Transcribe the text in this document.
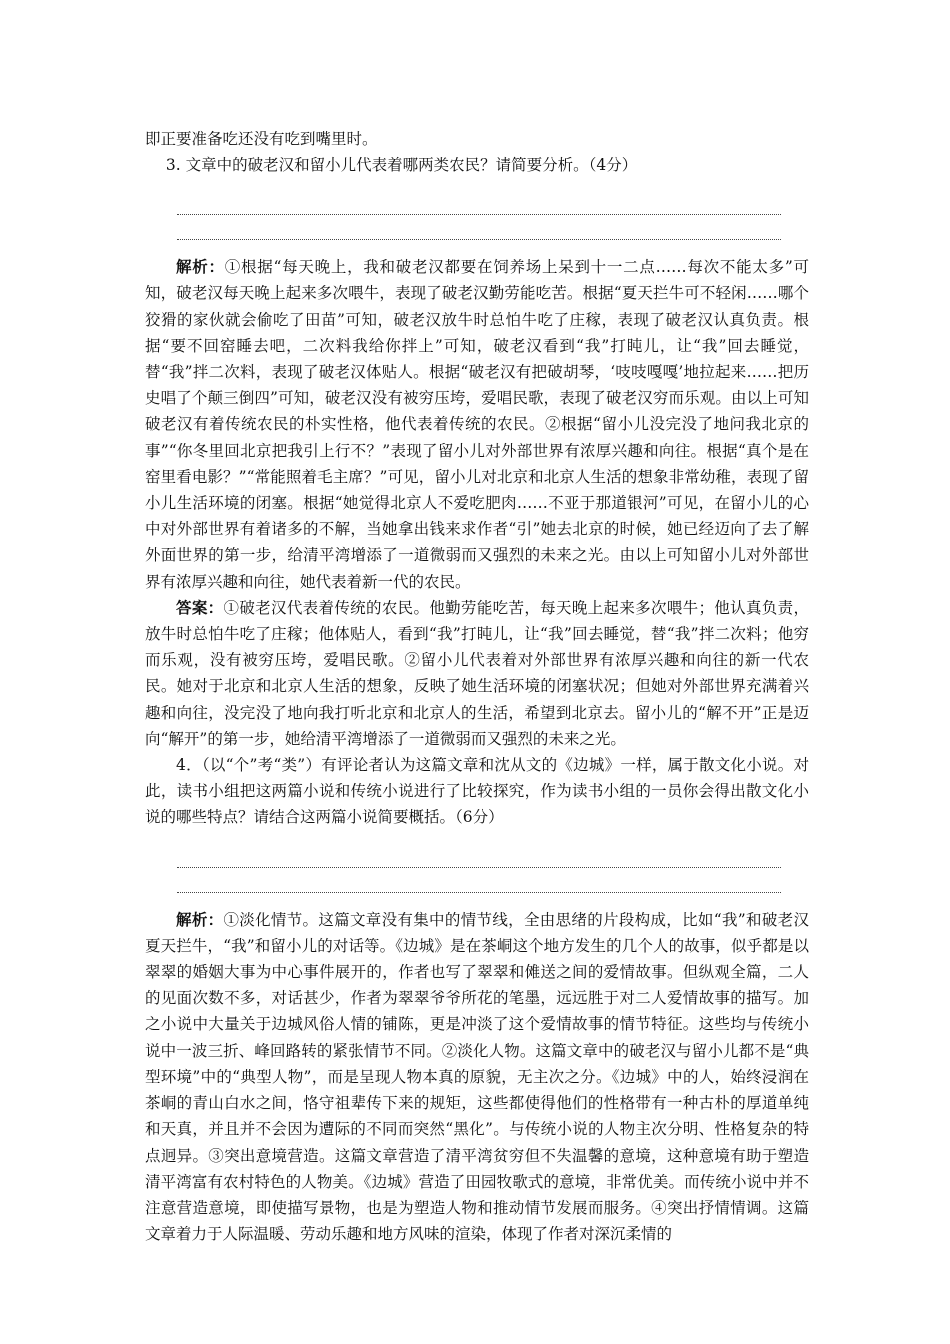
即正要准备吃还没有吃到嘴里时。

3. 文章中的破老汉和留小儿代表着哪两类农民？请简要分析。（4分）

解析：①根据“每天晚上，我和破老汉都要在饲养场上呆到十一二点……每次不能太多”可知，破老汉每天晚上起来多次喂牛，表现了破老汉勤劳能吃苦。根据“夏天拦牛可不轻闲……哪个狡猾的家伙就会偷吃了田苗”可知，破老汉放牛时总怕牛吃了庄稼，表现了破老汉认真负责。根据“要不回窑睡去吧，二次料我给你拌上”可知，破老汉看到“我”打盹儿，让“我”回去睡觉，替“我”拌二次料，表现了破老汉体贴人。根据“破老汉有把破胡琴，‘吱吱嘎嘎’地拉起来……把历史唱了个颠三倒四”可知，破老汉没有被穷压垮，爱唱民歌，表现了破老汉穷而乐观。由以上可知破老汉有着传统农民的朴实性格，他代表着传统的农民。②根据“留小儿没完没了地问我北京的事”“你冬里回北京把我引上行不？”表现了留小儿对外部世界有浓厚兴趣和向往。根据“真个是在窑里看电影？”“常能照着毛主席？”可见，留小儿对北京和北京人生活的想象非常幼稚，表现了留小儿生活环境的闭塞。根据“她觉得北京人不爱吃肥肉……不亚于那道银河”可见，在留小儿的心中对外部世界有着诸多的不解，当她拿出钱来求作者“引”她去北京的时候，她已经迈向了去了解外面世界的第一步，给清平湾增添了一道微弱而又强烈的未来之光。由以上可知留小儿对外部世界有浓厚兴趣和向往，她代表着新一代的农民。

答案：①破老汉代表着传统的农民。他勤劳能吃苦，每天晚上起来多次喂牛；他认真负责，放牛时总怕牛吃了庄稼；他体贴人，看到“我”打盹儿，让“我”回去睡觉，替“我”拌二次料；他穷而乐观，没有被穷压垮，爱唱民歌。②留小儿代表着对外部世界有浓厚兴趣和向往的新一代农民。她对于北京和北京人生活的想象，反映了她生活环境的闭塞状况；但她对外部世界充满着兴趣和向往，没完没了地向我打听北京和北京人的生活，希望到北京去。留小儿的“解不开”正是迈向“解开”的第一步，她给清平湾增添了一道微弱而又强烈的未来之光。

4．（以“个”考“类”）有评论者认为这篇文章和沈从文的《边城》一样，属于散文化小说。对此，读书小组把这两篇小说和传统小说进行了比较探究，作为读书小组的一员你会得出散文化小说的哪些特点？请结合这两篇小说简要概括。（6分）

解析：①淡化情节。这篇文章没有集中的情节线，全由思绪的片段构成，比如“我”和破老汉夏天拦牛，“我”和留小儿的对话等。《边城》是在茶峒这个地方发生的几个人的故事，似乎都是以翠翠的婚姻大事为中心事件展开的，作者也写了翠翠和傩送之间的爱情故事。但纵观全篇，二人的见面次数不多，对话甚少，作者为翠翠爷爷所花的笔墨，远远胜于对二人爱情故事的描写。加之小说中大量关于边城风俗人情的铺陈，更是冲淡了这个爱情故事的情节特征。这些均与传统小说中一波三折、峰回路转的紧张情节不同。②淡化人物。这篇文章中的破老汉与留小儿都不是“典型环境”中的“典型人物”，而是呈现人物本真的原貌，无主次之分。《边城》中的人，始终浸润在茶峒的青山白水之间，恪守祖辈传下来的规矩，这些都使得他们的性格带有一种古朴的厚道单纯和天真，并且并不会因为遭际的不同而突然“黑化”。与传统小说的人物主次分明、性格复杂的特点迥异。③突出意境营造。这篇文章营造了清平湾贫穷但不失温馨的意境，这种意境有助于塑造清平湾富有农村特色的人物美。《边城》营造了田园牧歌式的意境，非常优美。而传统小说中并不注意营造意境，即使描写景物，也是为塑造人物和推动情节发展而服务。④突出抒情情调。这篇文章着力于人际温暖、劳动乐趣和地方风味的渲染，体现了作者对深沉柔情的
